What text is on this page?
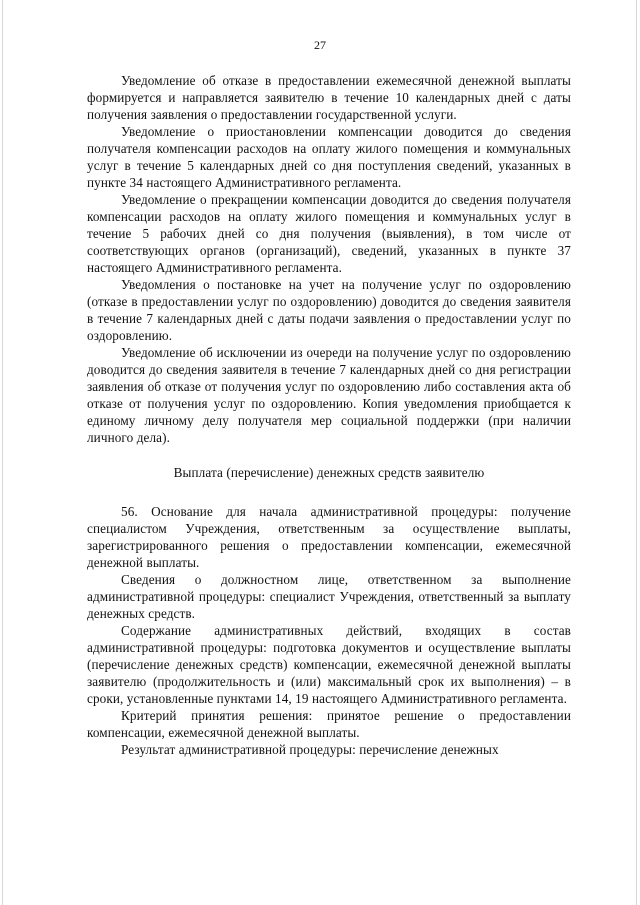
27

Уведомление об отказе в предоставлении ежемесячной денежной выплаты формируется и направляется заявителю в течение 10 календарных дней с даты получения заявления о предоставлении государственной услуги.

Уведомление о приостановлении компенсации доводится до сведения получателя компенсации расходов на оплату жилого помещения и коммунальных услуг в течение 5 календарных дней со дня поступления сведений, указанных в пункте 34 настоящего Административного регламента.

Уведомление о прекращении компенсации доводится до сведения получателя компенсации расходов на оплату жилого помещения и коммунальных услуг в течение 5 рабочих дней со дня получения (выявления), в том числе от соответствующих органов (организаций), сведений, указанных в пункте 37 настоящего Административного регламента.

Уведомления о постановке на учет на получение услуг по оздоровлению (отказе в предоставлении услуг по оздоровлению) доводится до сведения заявителя в течение 7 календарных дней с даты подачи заявления о предоставлении услуг по оздоровлению.

Уведомление об исключении из очереди на получение услуг по оздоровлению доводится до сведения заявителя в течение 7 календарных дней со дня регистрации заявления об отказе от получения услуг по оздоровлению либо составления акта об отказе от получения услуг по оздоровлению. Копия уведомления приобщается к единому личному делу получателя мер социальной поддержки (при наличии личного дела).

Выплата (перечисление) денежных средств заявителю

56. Основание для начала административной процедуры: получение специалистом Учреждения, ответственным за осуществление выплаты, зарегистрированного решения о предоставлении компенсации, ежемесячной денежной выплаты.

Сведения о должностном лице, ответственном за выполнение административной процедуры: специалист Учреждения, ответственный за выплату денежных средств.

Содержание административных действий, входящих в состав административной процедуры: подготовка документов и осуществление выплаты (перечисление денежных средств) компенсации, ежемесячной денежной выплаты заявителю (продолжительность и (или) максимальный срок их выполнения) – в сроки, установленные пунктами 14, 19 настоящего Административного регламента.

Критерий принятия решения: принятое решение о предоставлении компенсации, ежемесячной денежной выплаты.

Результат административной процедуры: перечисление денежных
